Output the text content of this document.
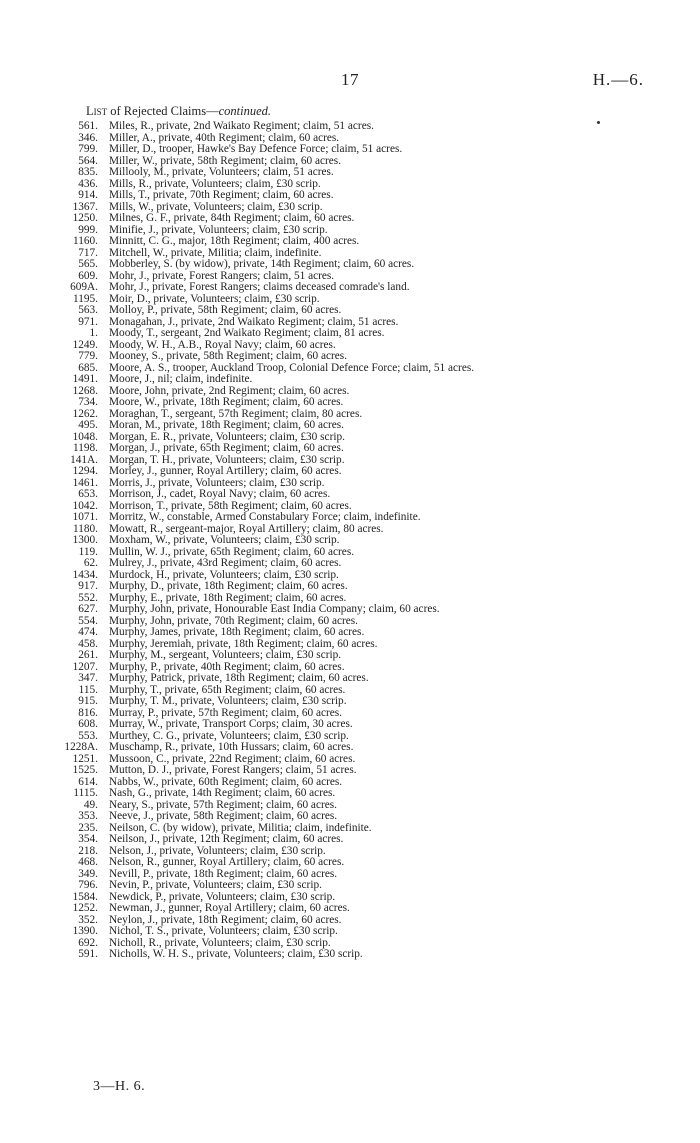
17	H.—6.
List of Rejected Claims—continued.
561. Miles, R., private, 2nd Waikato Regiment; claim, 51 acres.
346. Miller, A., private, 40th Regiment; claim, 60 acres.
799. Miller, D., trooper, Hawke's Bay Defence Force; claim, 51 acres.
564. Miller, W., private, 58th Regiment; claim, 60 acres.
835. Millooly, M., private, Volunteers; claim, 51 acres.
436. Mills, R., private, Volunteers; claim, £30 scrip.
914. Mills, T., private, 70th Regiment; claim, 60 acres.
1367. Mills, W., private, Volunteers; claim, £30 scrip.
1250. Milnes, G. F., private, 84th Regiment; claim, 60 acres.
999. Minifie, J., private, Volunteers; claim, £30 scrip.
1160. Minnitt, C. G., major, 18th Regiment; claim, 400 acres.
717. Mitchell, W., private, Militia; claim, indefinite.
565. Mobberley, S. (by widow), private, 14th Regiment; claim, 60 acres.
609. Mohr, J., private, Forest Rangers; claim, 51 acres.
609A. Mohr, J., private, Forest Rangers; claims deceased comrade's land.
1195. Moir, D., private, Volunteers; claim, £30 scrip.
563. Molloy, P., private, 58th Regiment; claim, 60 acres.
971. Monagahan, J., private, 2nd Waikato Regiment; claim, 51 acres.
1. Moody, T., sergeant, 2nd Waikato Regiment; claim, 81 acres.
1249. Moody, W. H., A.B., Royal Navy; claim, 60 acres.
779. Mooney, S., private, 58th Regiment; claim, 60 acres.
685. Moore, A. S., trooper, Auckland Troop, Colonial Defence Force; claim, 51 acres.
1491. Moore, J., nil; claim, indefinite.
1268. Moore, John, private, 2nd Regiment; claim, 60 acres.
734. Moore, W., private, 18th Regiment; claim, 60 acres.
1262. Moraghan, T., sergeant, 57th Regiment; claim, 80 acres.
495. Moran, M., private, 18th Regiment; claim, 60 acres.
1048. Morgan, E. R., private, Volunteers; claim, £30 scrip.
1198. Morgan, J., private, 65th Regiment; claim, 60 acres.
141A. Morgan, T. H., private, Volunteers; claim, £30 scrip.
1294. Morley, J., gunner, Royal Artillery; claim, 60 acres.
1461. Morris, J., private, Volunteers; claim, £30 scrip.
653. Morrison, J., cadet, Royal Navy; claim, 60 acres.
1042. Morrison, T., private, 58th Regiment; claim, 60 acres.
1071. Morritz, W., constable, Armed Constabulary Force; claim, indefinite.
1180. Mowatt, R., sergeant-major, Royal Artillery; claim, 80 acres.
1300. Moxham, W., private, Volunteers; claim, £30 scrip.
119. Mullin, W. J., private, 65th Regiment; claim, 60 acres.
62. Mulrey, J., private, 43rd Regiment; claim, 60 acres.
1434. Murdock, H., private, Volunteers; claim, £30 scrip.
917. Murphy, D., private, 18th Regiment; claim, 60 acres.
552. Murphy, E., private, 18th Regiment; claim, 60 acres.
627. Murphy, John, private, Honourable East India Company; claim, 60 acres.
554. Murphy, John, private, 70th Regiment; claim, 60 acres.
474. Murphy, James, private, 18th Regiment; claim, 60 acres.
458. Murphy, Jeremiah, private, 18th Regiment; claim, 60 acres.
261. Murphy, M., sergeant, Volunteers; claim, £30 scrip.
1207. Murphy, P., private, 40th Regiment; claim, 60 acres.
347. Murphy, Patrick, private, 18th Regiment; claim, 60 acres.
115. Murphy, T., private, 65th Regiment; claim, 60 acres.
915. Murphy, T. M., private, Volunteers; claim, £30 scrip.
816. Murray, P., private, 57th Regiment; claim, 60 acres.
608. Murray, W., private, Transport Corps; claim, 30 acres.
553. Murthey, C. G., private, Volunteers; claim, £30 scrip.
1228A. Muschamp, R., private, 10th Hussars; claim, 60 acres.
1251. Mussoon, C., private, 22nd Regiment; claim, 60 acres.
1525. Mutton, D. J., private, Forest Rangers; claim, 51 acres.
614. Nabbs, W., private, 60th Regiment; claim, 60 acres.
1115. Nash, G., private, 14th Regiment; claim, 60 acres.
49. Neary, S., private, 57th Regiment; claim, 60 acres.
353. Neeve, J., private, 58th Regiment; claim, 60 acres.
235. Neilson, C. (by widow), private, Militia; claim, indefinite.
354. Neilson, J., private, 12th Regiment; claim, 60 acres.
218. Nelson, J., private, Volunteers; claim, £30 scrip.
468. Nelson, R., gunner, Royal Artillery; claim, 60 acres.
349. Nevill, P., private, 18th Regiment; claim, 60 acres.
796. Nevin, P., private, Volunteers; claim, £30 scrip.
1584. Newdick, P., private, Volunteers; claim, £30 scrip.
1252. Newman, J., gunner, Royal Artillery; claim, 60 acres.
352. Neylon, J., private, 18th Regiment; claim, 60 acres.
1390. Nichol, T. S., private, Volunteers; claim, £30 scrip.
692. Nicholl, R., private, Volunteers; claim, £30 scrip.
591. Nicholls, W. H. S., private, Volunteers; claim, £30 scrip.
3—H. 6.
